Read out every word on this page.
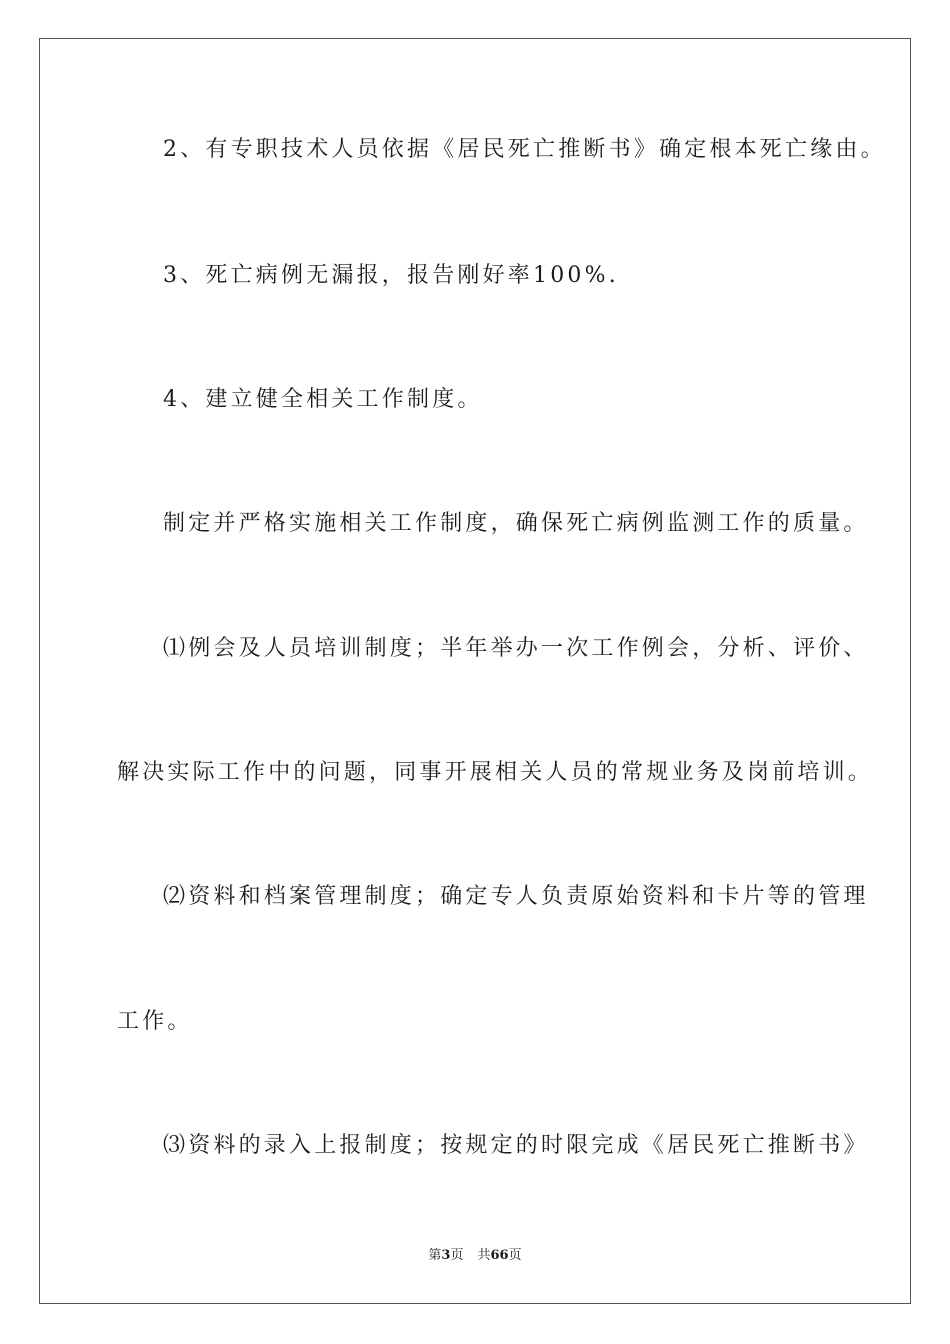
2、有专职技术人员依据《居民死亡推断书》确定根本死亡缘由。
3、死亡病例无漏报，报告刚好率100%.
4、建立健全相关工作制度。
制定并严格实施相关工作制度，确保死亡病例监测工作的质量。
⑴例会及人员培训制度；半年举办一次工作例会，分析、评价、
解决实际工作中的问题，同事开展相关人员的常规业务及岗前培训。
⑵资料和档案管理制度；确定专人负责原始资料和卡片等的管理
工作。
⑶资料的录入上报制度；按规定的时限完成《居民死亡推断书》
第3页 共66页
